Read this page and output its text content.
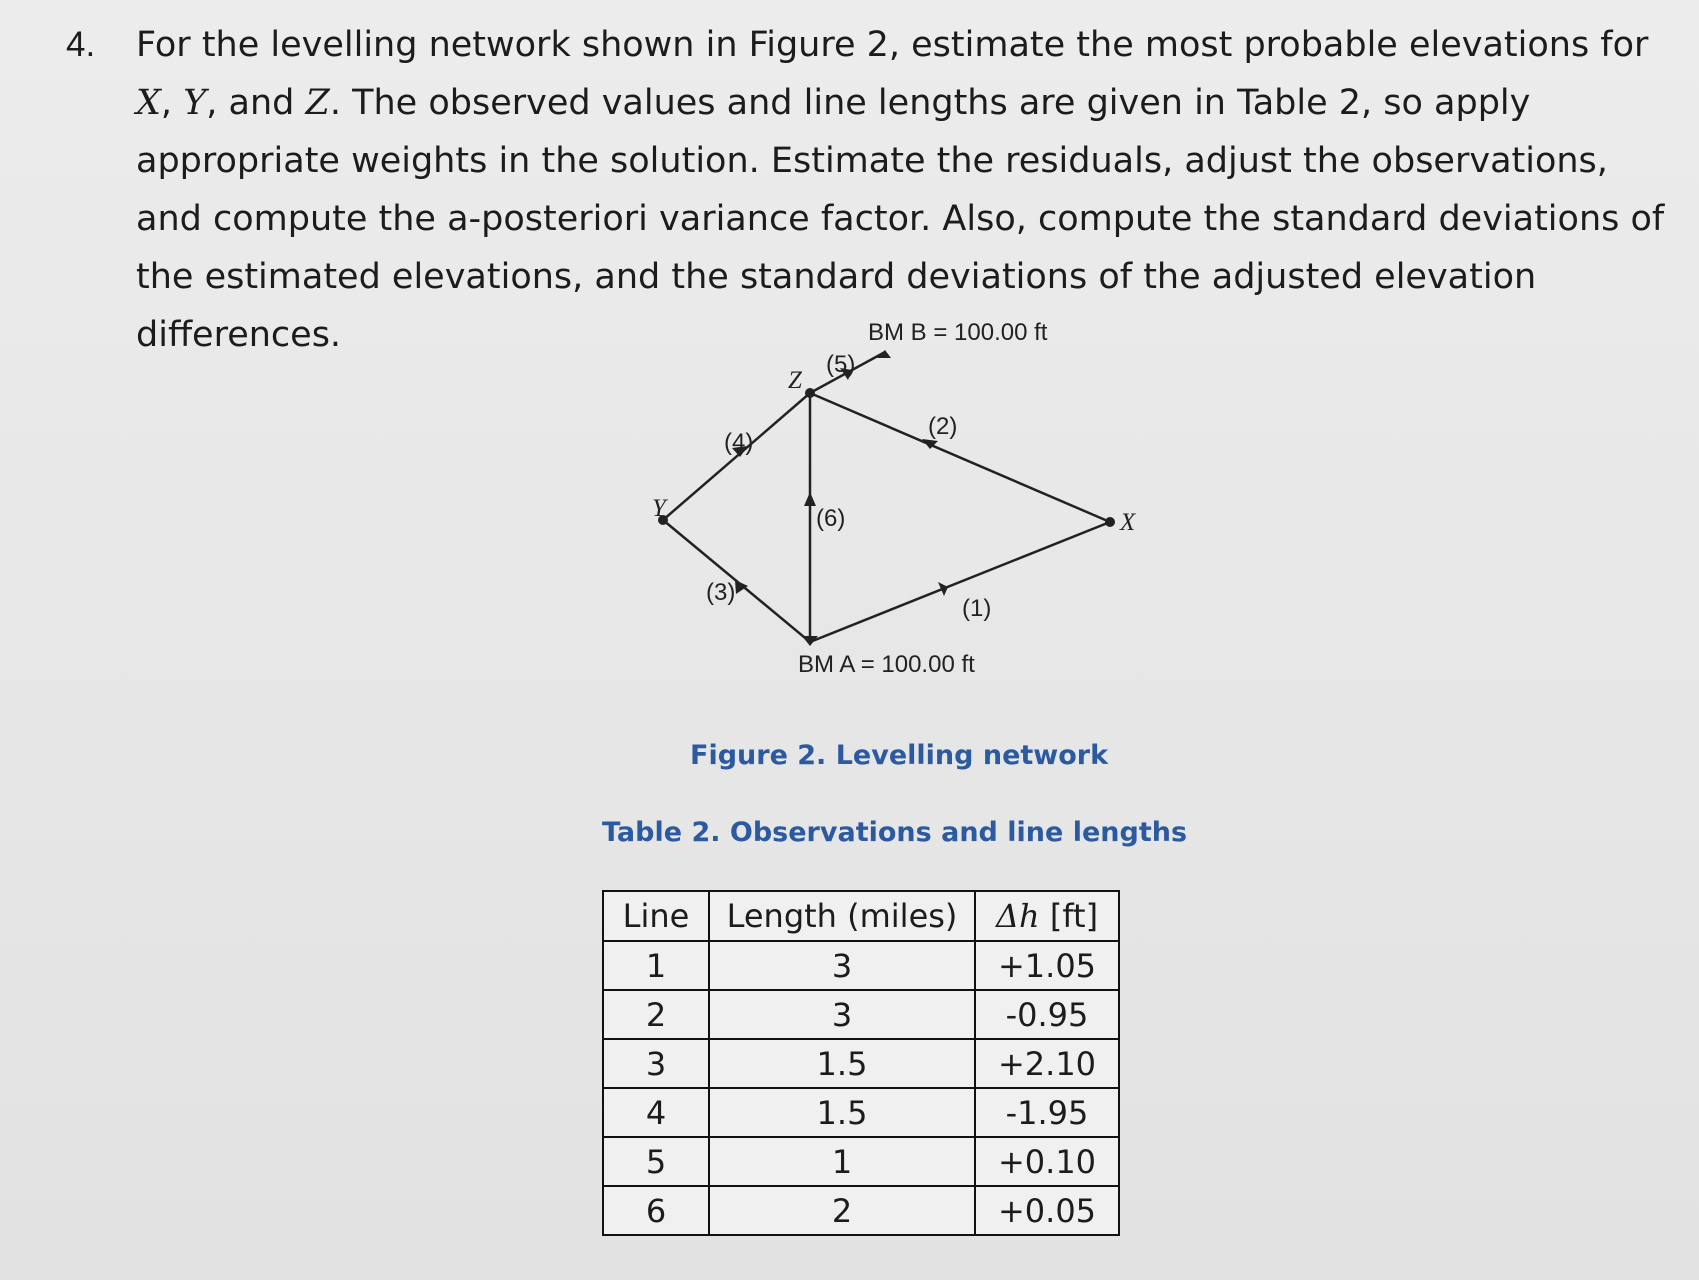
4. For the levelling network shown in Figure 2, estimate the most probable elevations for X, Y, and Z. The observed values and line lengths are given in Table 2, so apply appropriate weights in the solution. Estimate the residuals, adjust the observations, and compute the a-posteriori variance factor. Also, compute the standard deviations of the estimated elevations, and the standard deviations of the adjusted elevation differences.	BM B = 100.00 ft
BM A = 100.00 ft
Z
Y
X
(1)
(2)
(3)
(4)
(5)
(6)
Figure 2. Levelling network
Table 2. Observations and line lengths
Line	Length (miles)	Δh [ft]
1	3	+1.05
2	3	-0.95
3	1.5	+2.10
4	1.5	-1.95
5	1	+0.10
6	2	+0.05
